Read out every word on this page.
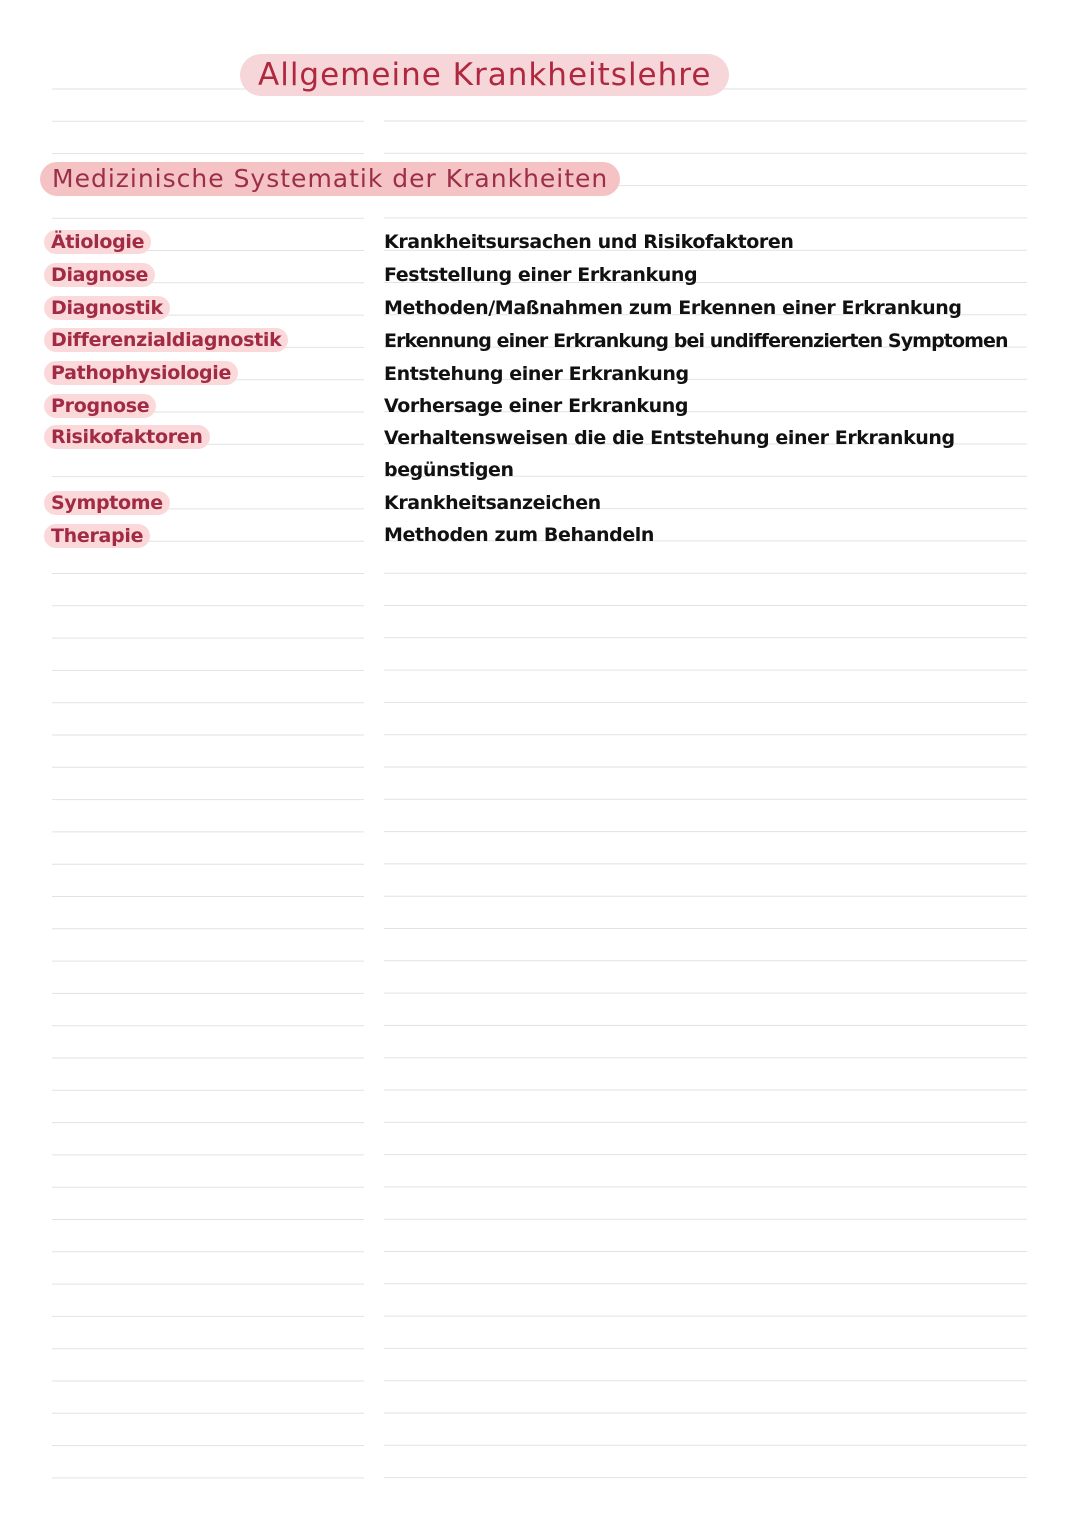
Allgemeine Krankheitslehre
Medizinische Systematik der Krankheiten
Ätiologie
Diagnose
Diagnostik
Differenzialdiagnostik
Pathophysiologie
Prognose
Risikofaktoren
Symptome
Therapie
Krankheitsursachen und Risikofaktoren
Feststellung einer Erkrankung
Methoden/Maßnahmen zum Erkennen einer Erkrankung
Erkennung einer Erkrankung bei undifferenzierten Symptomen
Entstehung einer Erkrankung
Vorhersage einer Erkrankung
Verhaltensweisen die die Entstehung einer Erkrankung begünstigen
Krankheitsanzeichen
Methoden zum Behandeln
